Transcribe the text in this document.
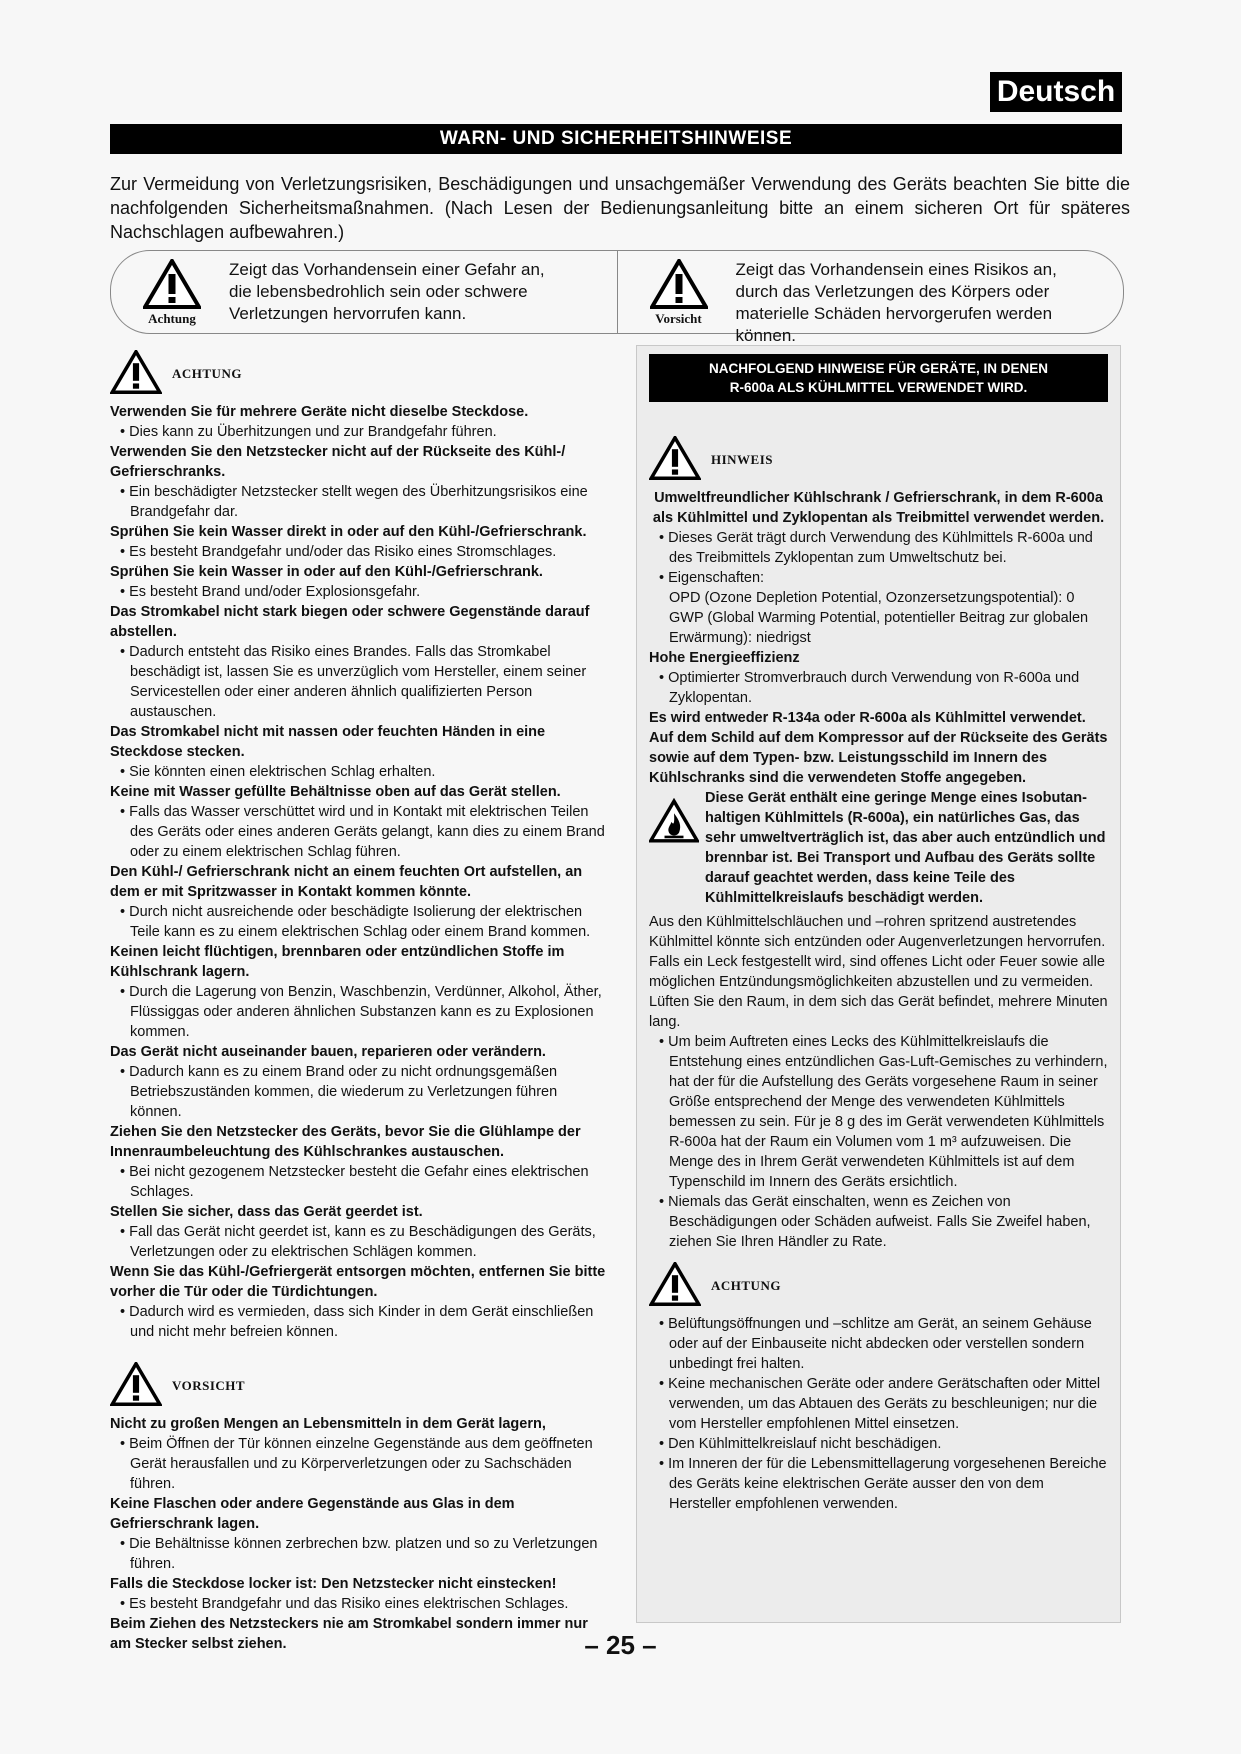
Deutsch
WARN- UND SICHERHEITSHINWEISE
Zur Vermeidung von Verletzungsrisiken, Beschädigungen und unsachgemäßer Verwendung des Geräts beachten Sie bitte die nachfolgenden Sicherheitsmaßnahmen. (Nach Lesen der Bedienungsanleitung bitte an einem sicheren Ort für späteres Nachschlagen aufbewahren.)
Achtung
Zeigt das Vorhandensein einer Gefahr an, die lebensbedrohlich sein oder schwere Verletzungen hervorrufen kann.	Vorsicht
Zeigt das Vorhandensein eines Risikos an, durch das Verletzungen des Körpers oder materielle Schäden hervorgerufen werden können.
ACHTUNG
Verwenden Sie für mehrere Geräte nicht dieselbe Steckdose.
• Dies kann zu Überhitzungen und zur Brandgefahr führen.
Verwenden Sie den Netzstecker nicht auf der Rückseite des Kühl-/ Gefrierschranks.
• Ein beschädigter Netzstecker stellt wegen des Überhitzungsrisikos eine Brandgefahr dar.
Sprühen Sie kein Wasser direkt in oder auf den Kühl-/Gefrierschrank.
• Es besteht Brandgefahr und/oder das Risiko eines Stromschlages.
Sprühen Sie kein Wasser in oder auf den Kühl-/Gefrierschrank.
• Es besteht Brand und/oder Explosionsgefahr.
Das Stromkabel nicht stark biegen oder schwere Gegenstände darauf abstellen.
• Dadurch entsteht das Risiko eines Brandes. Falls das Stromkabel beschädigt ist, lassen Sie es unverzüglich vom Hersteller, einem seiner Servicestellen oder einer anderen ähnlich qualifizierten Person austauschen.
Das Stromkabel nicht mit nassen oder feuchten Händen in eine Steckdose stecken.
• Sie könnten einen elektrischen Schlag erhalten.
Keine mit Wasser gefüllte Behältnisse oben auf das Gerät stellen.
• Falls das Wasser verschüttet wird und in Kontakt mit elektrischen Teilen des Geräts oder eines anderen Geräts gelangt, kann dies zu einem Brand oder zu einem elektrischen Schlag führen.
Den Kühl-/ Gefrierschrank nicht an einem feuchten Ort aufstellen, an dem er mit Spritzwasser in Kontakt kommen könnte.
• Durch nicht ausreichende oder beschädigte Isolierung der elektrischen Teile kann es zu einem elektrischen Schlag oder einem Brand kommen.
Keinen leicht flüchtigen, brennbaren oder entzündlichen Stoffe im Kühlschrank lagern.
• Durch die Lagerung von Benzin, Waschbenzin, Verdünner, Alkohol, Äther, Flüssiggas oder anderen ähnlichen Substanzen kann es zu Explosionen kommen.
Das Gerät nicht auseinander bauen, reparieren oder verändern.
• Dadurch kann es zu einem Brand oder zu nicht ordnungsgemäßen Betriebszuständen kommen, die wiederum zu Verletzungen führen können.
Ziehen Sie den Netzstecker des Geräts, bevor Sie die Glühlampe der Innenraumbeleuchtung des Kühlschrankes austauschen.
• Bei nicht gezogenem Netzstecker besteht die Gefahr eines elektrischen Schlages.
Stellen Sie sicher, dass das Gerät geerdet ist.
• Fall das Gerät nicht geerdet ist, kann es zu Beschädigungen des Geräts, Verletzungen oder zu elektrischen Schlägen kommen.
Wenn Sie das Kühl-/Gefriergerät entsorgen möchten, entfernen Sie bitte vorher die Tür oder die Türdichtungen.
• Dadurch wird es vermieden, dass sich Kinder in dem Gerät einschließen und nicht mehr befreien können.
VORSICHT
Nicht zu großen Mengen an Lebensmitteln in dem Gerät lagern,
• Beim Öffnen der Tür können einzelne Gegenstände aus dem geöffneten Gerät herausfallen und zu Körperverletzungen oder zu Sachschäden führen.
Keine Flaschen oder andere Gegenstände aus Glas in dem Gefrierschrank lagen.
• Die Behältnisse können zerbrechen bzw. platzen und so zu Verletzungen führen.
Falls die Steckdose locker ist: Den Netzstecker nicht einstecken!
• Es besteht Brandgefahr und das Risiko eines elektrischen Schlages.
Beim Ziehen des Netzsteckers nie am Stromkabel sondern immer nur am Stecker selbst ziehen.
NACHFOLGEND HINWEISE FÜR GERÄTE, IN DENEN
R-600a ALS KÜHLMITTEL VERWENDET WIRD.
HINWEIS
Umweltfreundlicher Kühlschrank / Gefrierschrank, in dem R-600a als Kühlmittel und Zyklopentan als Treibmittel verwendet werden.
• Dieses Gerät trägt durch Verwendung des Kühlmittels R-600a und des Treibmittels Zyklopentan zum Umweltschutz bei.
• Eigenschaften:
OPD (Ozone Depletion Potential, Ozonzersetzungspotential): 0
GWP (Global Warming Potential, potentieller Beitrag zur globalen Erwärmung): niedrigst
Hohe Energieeffizienz
• Optimierter Stromverbrauch durch Verwendung von R-600a und Zyklopentan.
Es wird entweder R-134a oder R-600a als Kühlmittel verwendet. Auf dem Schild auf dem Kompressor auf der Rückseite des Geräts sowie auf dem Typen- bzw. Leistungsschild im Innern des Kühlschranks sind die verwendeten Stoffe angegeben.
Diese Gerät enthält eine geringe Menge eines Isobutan-haltigen Kühlmittels (R-600a), ein natürliches Gas, das sehr umweltverträglich ist, das aber auch entzündlich und brennbar ist. Bei Transport und Aufbau des Geräts sollte darauf geachtet werden, dass keine Teile des Kühlmittelkreislaufs beschädigt werden.
Aus den Kühlmittelschläuchen und –rohren spritzend austretendes Kühlmittel könnte sich entzünden oder Augenverletzungen hervorrufen. Falls ein Leck festgestellt wird, sind offenes Licht oder Feuer sowie alle möglichen Entzündungsmöglichkeiten abzustellen und zu vermeiden. Lüften Sie den Raum, in dem sich das Gerät befindet, mehrere Minuten lang.
• Um beim Auftreten eines Lecks des Kühlmittelkreislaufs die Entstehung eines entzündlichen Gas-Luft-Gemisches zu verhindern, hat der für die Aufstellung des Geräts vorgesehene Raum in seiner Größe entsprechend der Menge des verwendeten Kühlmittels bemessen zu sein. Für je 8 g des im Gerät verwendeten Kühlmittels R-600a hat der Raum ein Volumen vom 1 m³ aufzuweisen. Die Menge des in Ihrem Gerät verwendeten Kühlmittels ist auf dem Typenschild im Innern des Geräts ersichtlich.
• Niemals das Gerät einschalten, wenn es Zeichen von Beschädigungen oder Schäden aufweist. Falls Sie Zweifel haben, ziehen Sie Ihren Händler zu Rate.
ACHTUNG
• Belüftungsöffnungen und –schlitze am Gerät, an seinem Gehäuse oder auf der Einbauseite nicht abdecken oder verstellen sondern unbedingt frei halten.
• Keine mechanischen Geräte oder andere Gerätschaften oder Mittel verwenden, um das Abtauen des Geräts zu beschleunigen; nur die vom Hersteller empfohlenen Mittel einsetzen.
• Den Kühlmittelkreislauf nicht beschädigen.
• Im Inneren der für die Lebensmittellagerung vorgesehenen Bereiche des Geräts keine elektrischen Geräte ausser den von dem Hersteller empfohlenen verwenden.
– 25 –
